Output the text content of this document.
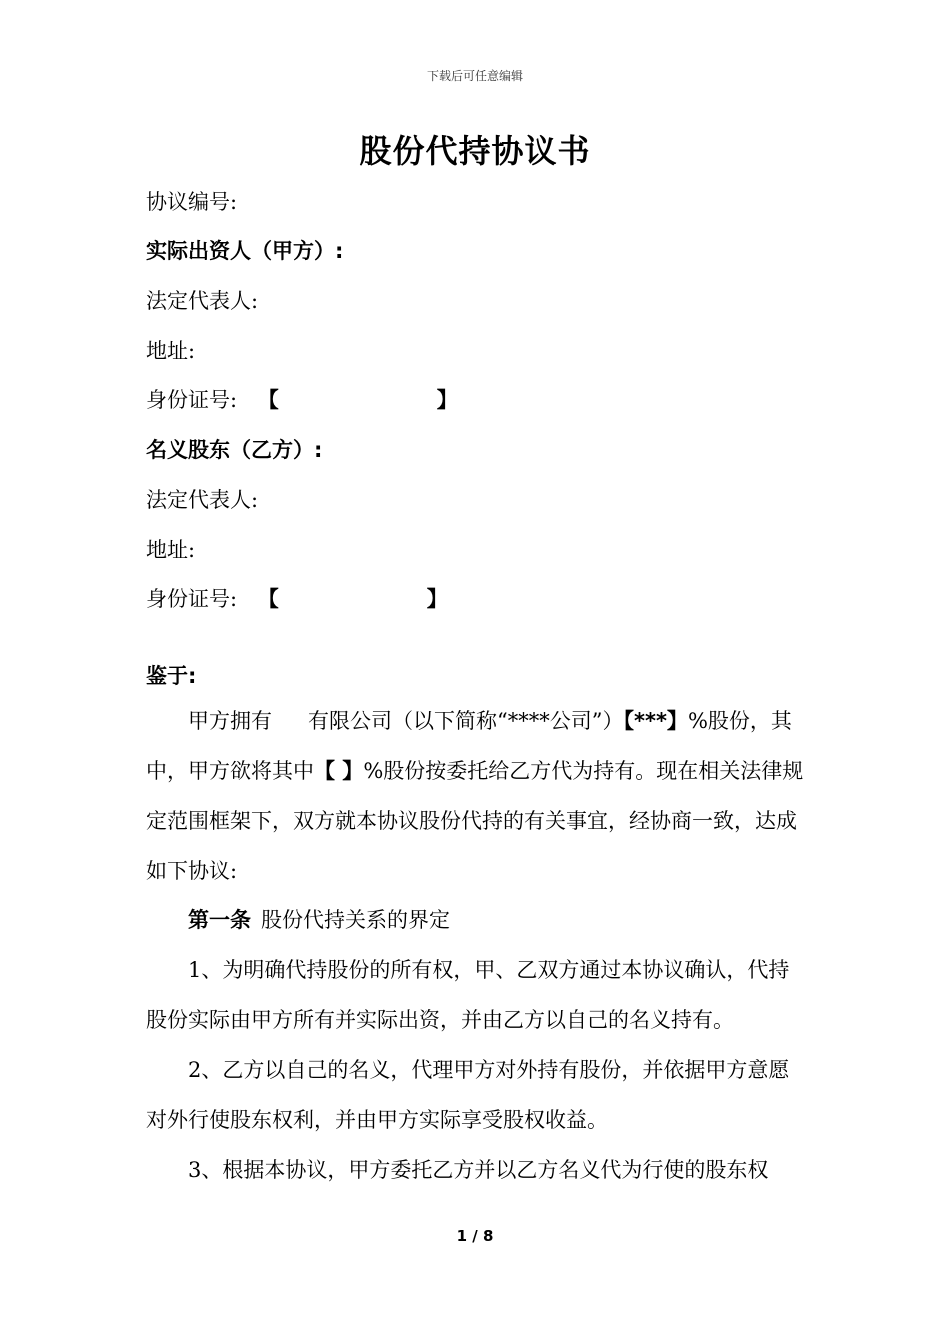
下载后可任意编辑
股份代持协议书
协议编号:
实际出资人（甲方）:
法定代表人:
地址:
身份证号: 【	】
名义股东（乙方）:
法定代表人:
地址:
身份证号: 【	】
鉴于:
甲方拥有 有限公司（以下简称“****公司”）【***】%股份，其中，甲方欲将其中【 】%股份按委托给乙方代为持有。现在相关法律规定范围框架下，双方就本协议股份代持的有关事宜，经协商一致，达成如下协议:
第一条 股份代持关系的界定
1、为明确代持股份的所有权，甲、乙双方通过本协议确认，代持股份实际由甲方所有并实际出资，并由乙方以自己的名义持有。
2、乙方以自己的名义，代理甲方对外持有股份，并依据甲方意愿对外行使股东权利，并由甲方实际享受股权收益。
3、根据本协议，甲方委托乙方并以乙方名义代为行使的股东权
1 / 8
